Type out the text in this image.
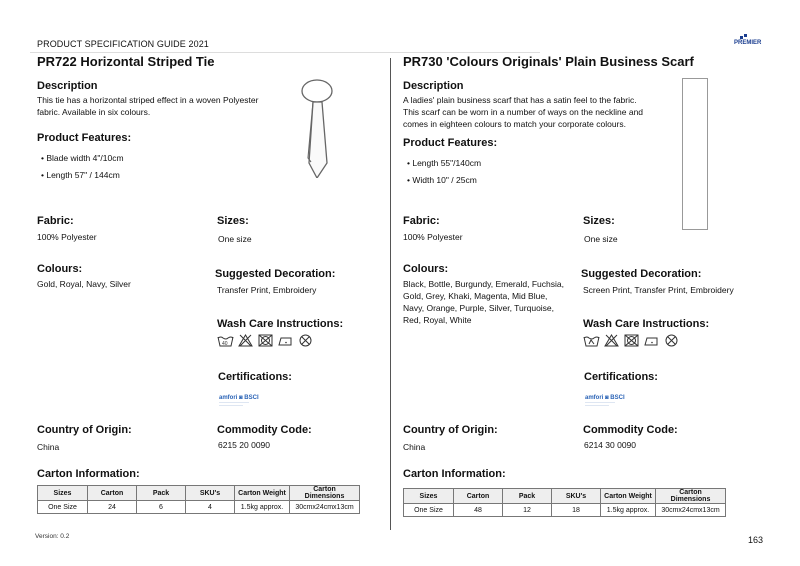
PRODUCT SPECIFICATION GUIDE 2021	PREMIER
PR722 Horizontal Striped Tie
Description
This tie has a horizontal striped effect in a woven Polyester fabric. Available in six colours.
Product Features:
• Blade width 4"/10cm
• Length 57" / 144cm
Fabric:
100% Polyester
Sizes:
One size
Colours:
Gold, Royal, Navy, Silver
Suggested Decoration:
Transfer Print, Embroidery
Wash Care Instructions:
40
Certifications:
amfori ◙ BSCI
——————————
————————
Country of Origin:
China
Commodity Code:
6215 20 0090
Carton Information:
Sizes	Carton	Pack	SKU's	Carton Weight	Carton Dimensions
One Size	24	6	4	1.5kg approx.	30cmx24cmx13cm
PR730 'Colours Originals' Plain Business Scarf
Description
A ladies' plain business scarf that has a satin feel to the fabric. This scarf can be worn in a number of ways on the neckline and comes in eighteen colours to match your corporate colours.
Product Features:
• Length 55"/140cm
• Width 10" / 25cm
Fabric:
100% Polyester
Sizes:
One size
Colours:
Black, Bottle, Burgundy, Emerald, Fuchsia, Gold, Grey, Khaki, Magenta, Mid Blue, Navy, Orange, Purple, Silver, Turquoise, Red, Royal, White
Suggested Decoration:
Screen Print, Transfer Print, Embroidery
Wash Care Instructions:
Certifications:
amfori ◙ BSCI
——————————
————————
Country of Origin:
China
Commodity Code:
6214 30 0090
Carton Information:
Sizes	Carton	Pack	SKU's	Carton Weight	Carton Dimensions
One Size	48	12	18	1.5kg approx.	30cmx24cmx13cm
Version: 0.2	163
